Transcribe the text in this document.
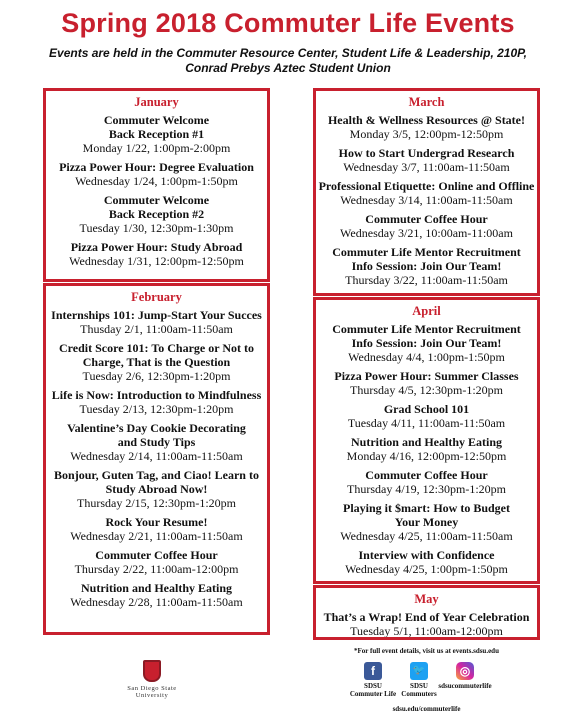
Spring 2018 Commuter Life Events
Events are held in the Commuter Resource Center, Student Life & Leadership, 210P,
Conrad Prebys Aztec Student Union
January
Commuter Welcome
Back Reception #1
Monday 1/22, 1:00pm-2:00pm
Pizza Power Hour: Degree Evaluation
Wednesday 1/24, 1:00pm-1:50pm
Commuter Welcome
Back Reception #2
Tuesday 1/30, 12:30pm-1:30pm
Pizza Power Hour: Study Abroad
Wednesday 1/31, 12:00pm-12:50pm
February
Internships 101: Jump-Start Your Succes
Thusday 2/1, 11:00am-11:50am
Credit Score 101: To Charge or Not to
Charge, That is the Question
Tuesday 2/6, 12:30pm-1:20pm
Life is Now: Introduction to Mindfulness
Tuesday 2/13, 12:30pm-1:20pm
Valentine’s Day Cookie Decorating
and Study Tips
Wednesday 2/14, 11:00am-11:50am
Bonjour, Guten Tag, and Ciao! Learn to
Study Abroad Now!
Thursday 2/15, 12:30pm-1:20pm
Rock Your Resume!
Wednesday 2/21, 11:00am-11:50am
Commuter Coffee Hour
Thursday 2/22, 11:00am-12:00pm
Nutrition and Healthy Eating
Wednesday 2/28, 11:00am-11:50am
March
Health & Wellness Resources @ State!
Monday 3/5, 12:00pm-12:50pm
How to Start Undergrad Research
Wednesday 3/7, 11:00am-11:50am
Professional Etiquette: Online and Offline
Wednesday 3/14, 11:00am-11:50am
Commuter Coffee Hour
Wednesday 3/21, 10:00am-11:00am
Commuter Life Mentor Recruitment
Info Session: Join Our Team!
Thursday 3/22, 11:00am-11:50am
April
Commuter Life Mentor Recruitment
Info Session: Join Our Team!
Wednesday 4/4, 1:00pm-1:50pm
Pizza Power Hour: Summer Classes
Thursday 4/5, 12:30pm-1:20pm
Grad School 101
Tuesday 4/11, 11:00am-11:50am
Nutrition and Healthy Eating
Monday 4/16, 12:00pm-12:50pm
Commuter Coffee Hour
Thursday 4/19, 12:30pm-1:20pm
Playing it $mart: How to Budget
Your Money
Wednesday 4/25, 11:00am-11:50am
Interview with Confidence
Wednesday 4/25, 1:00pm-1:50pm
May
That’s a Wrap! End of Year Celebration
Tuesday 5/1, 11:00am-12:00pm
San Diego State
University
*For full event details, visit us at events.sdsu.edu
f
SDSU
Commuter Life
🐦
SDSU
Commuters
◎
sdsucommuterlife
sdsu.edu/commuterlife
